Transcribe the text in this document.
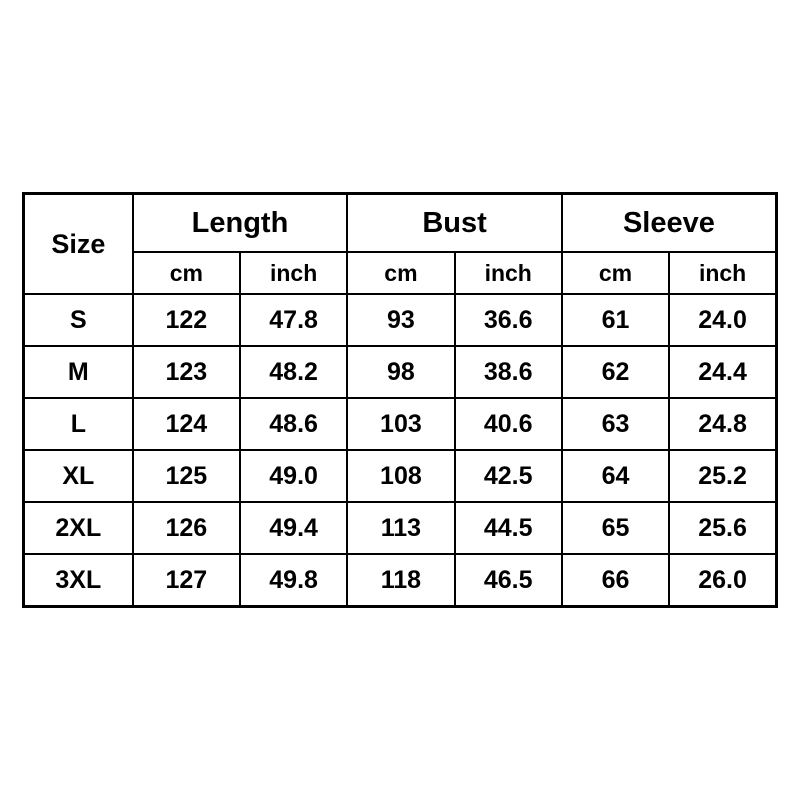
Size	Length		Bust		Sleeve	
	cm	inch	cm	inch	cm	inch
S	122	47.8	93	36.6	61	24.0
M	123	48.2	98	38.6	62	24.4
L	124	48.6	103	40.6	63	24.8
XL	125	49.0	108	42.5	64	25.2
2XL	126	49.4	113	44.5	65	25.6
3XL	127	49.8	118	46.5	66	26.0
